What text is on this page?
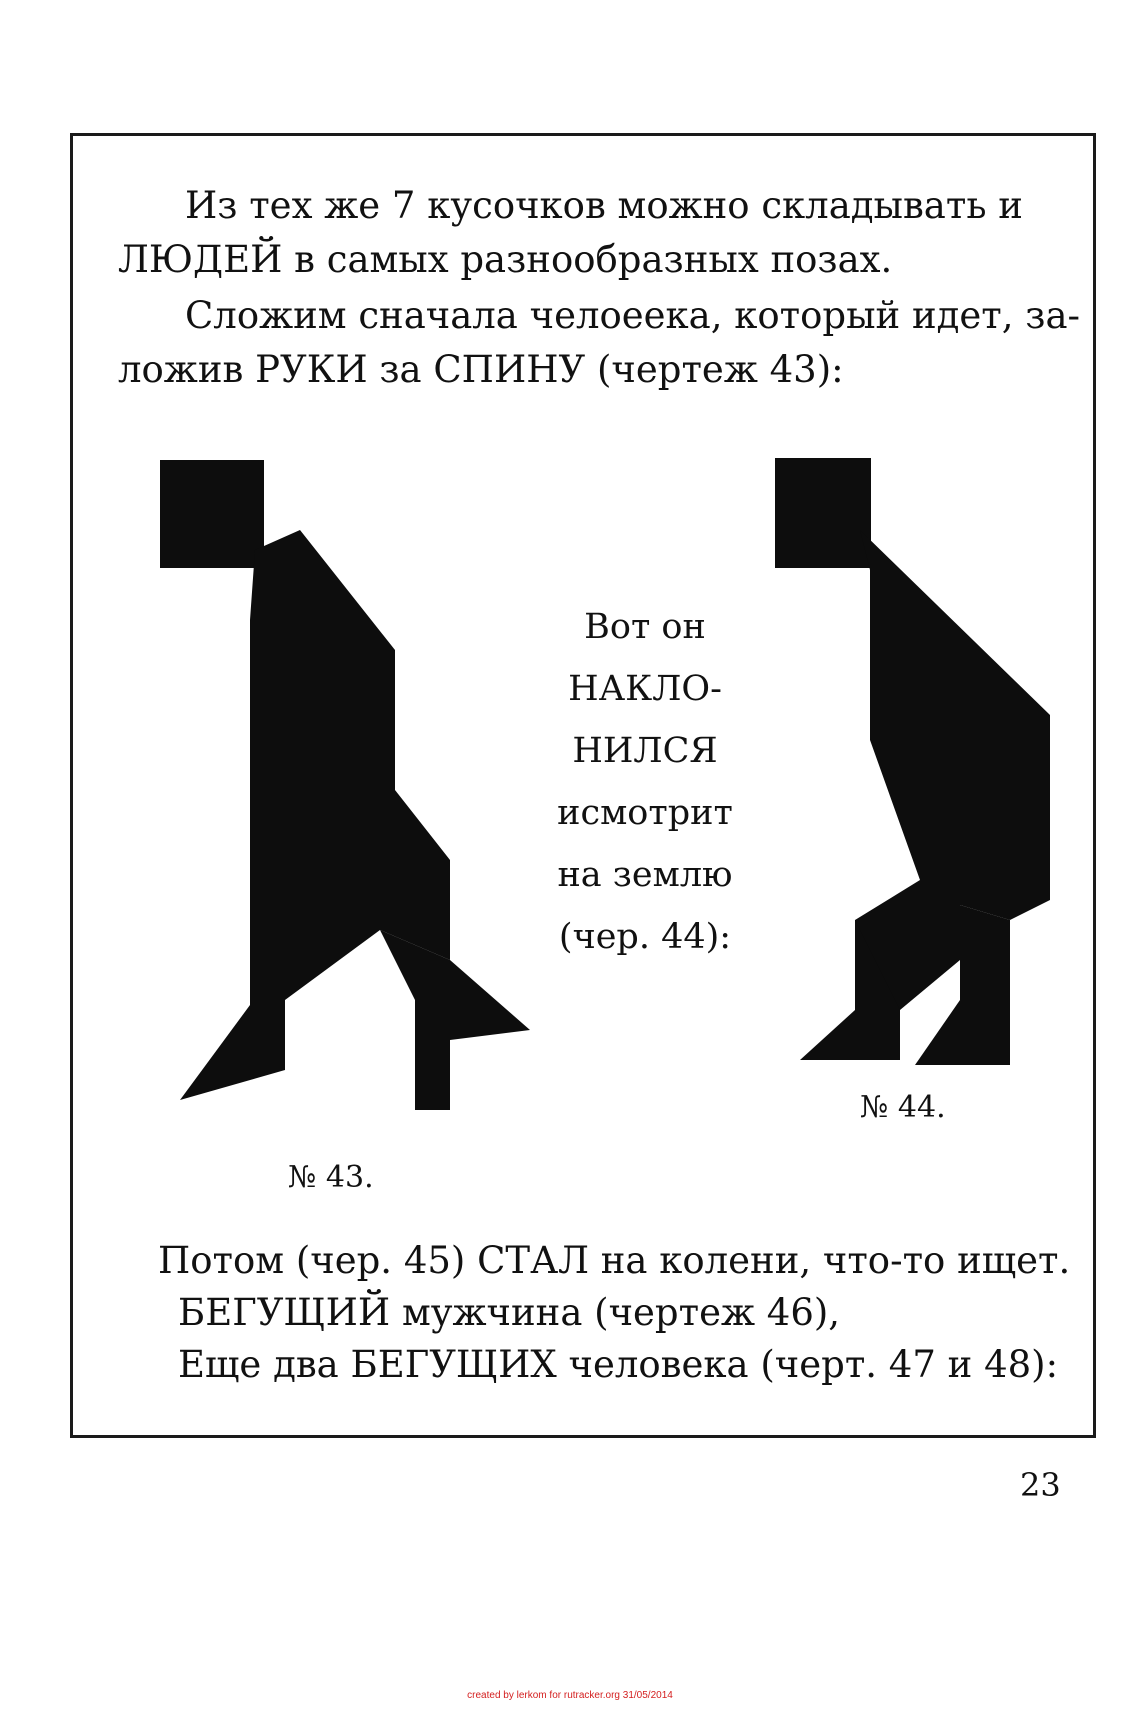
Из тех же 7 кусочков можно складывать и
ЛЮДЕЙ в самых разнообразных позах.
Сложим сначала челоеека, который идет, за-
ложив РУКИ за СПИНУ (чертеж 43):
Вот он
НАКЛО-
НИЛСЯ
исмотрит
на землю
(чер. 44):
№ 43.
№ 44.
Потом (чер. 45) СТАЛ на колени, что-то ищет.
БЕГУЩИЙ мужчина (чертеж 46),
Еще два БЕГУЩИХ человека (черт. 47 и 48):
23
created by lerkom for rutracker.org 31/05/2014
